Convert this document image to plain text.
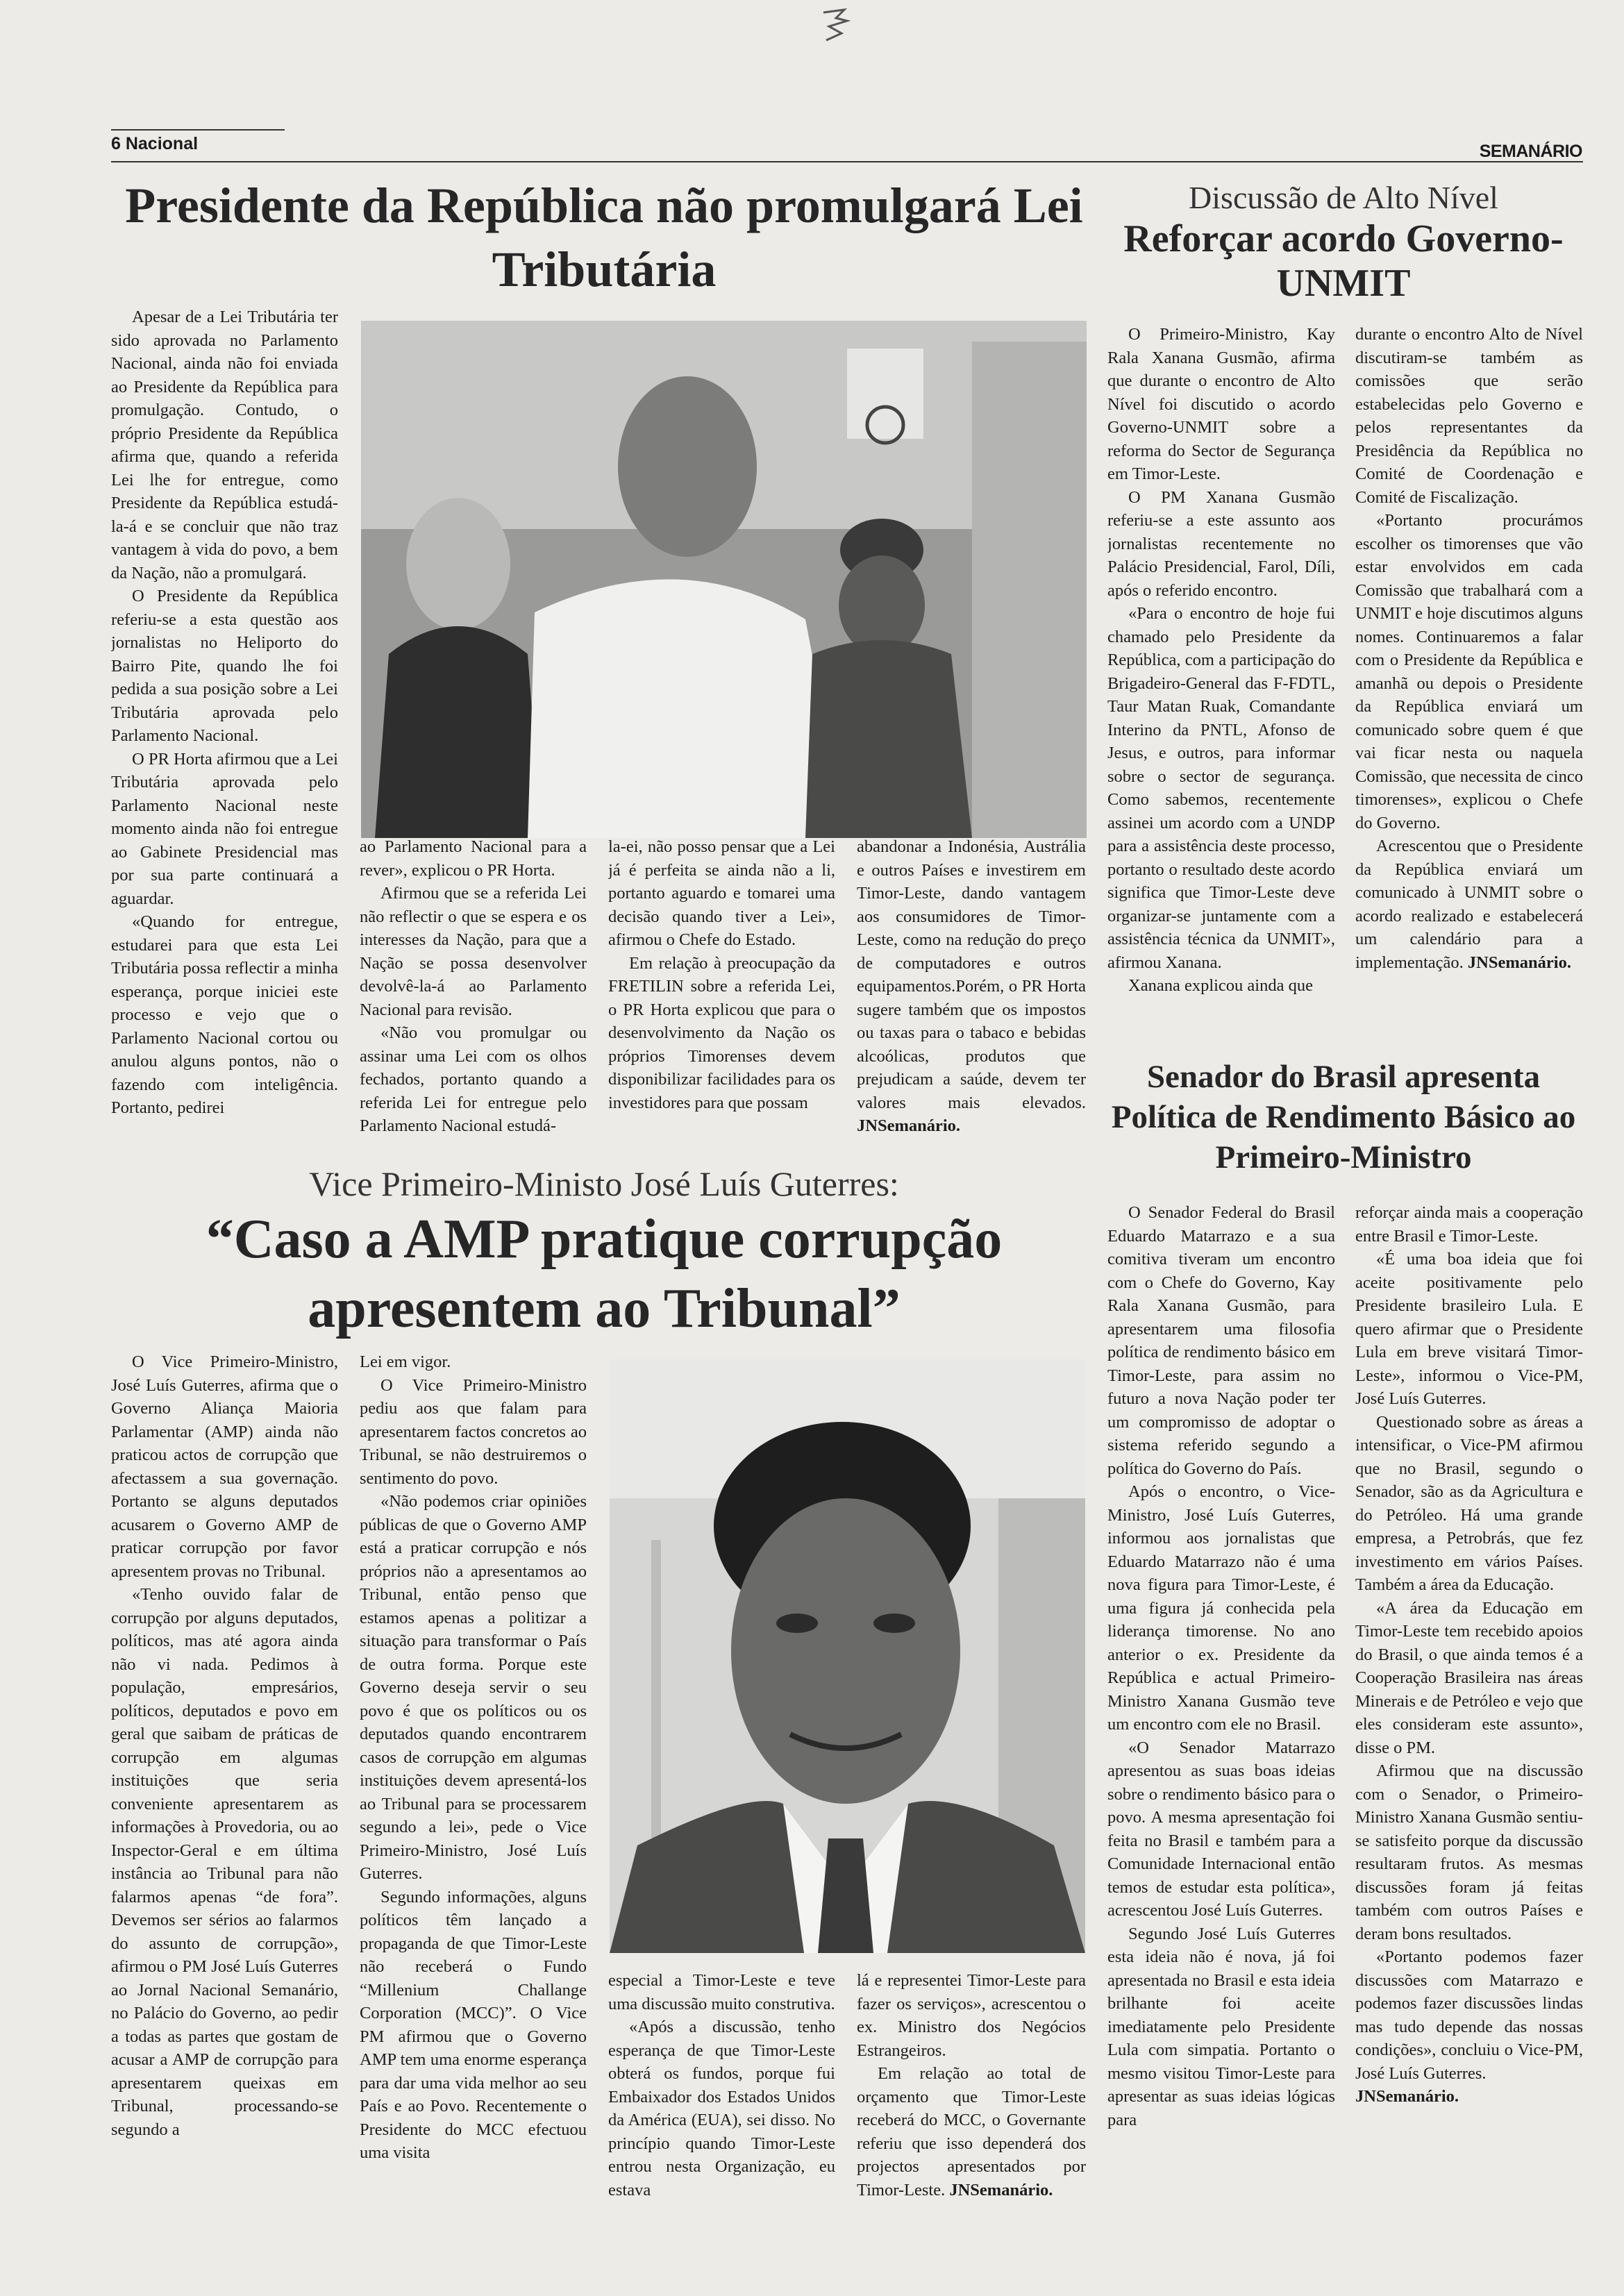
6 Nacional	SEMANÁRIO
Presidente da República não promulgará Lei Tributária

Apesar de a Lei Tributária ter sido aprovada no Parlamento Nacional, ainda não foi enviada ao Presidente da República para promulgação. Contudo, o próprio Presidente da República afirma que, quando a referida Lei lhe for entregue, como Presidente da República estudá-la-á e se concluir que não traz vantagem à vida do povo, a bem da Nação, não a promulgará.

O Presidente da República referiu-se a esta questão aos jornalistas no Heliporto do Bairro Pite, quando lhe foi pedida a sua posição sobre a Lei Tributária aprovada pelo Parlamento Nacional.

O PR Horta afirmou que a Lei Tributária aprovada pelo Parlamento Nacional neste momento ainda não foi entregue ao Gabinete Presidencial mas por sua parte continuará a aguardar.

«Quando for entregue, estudarei para que esta Lei Tributária possa reflectir a minha esperança, porque iniciei este processo e vejo que o Parlamento Nacional cortou ou anulou alguns pontos, não o fazendo com inteligência. Portanto, pedirei

ao Parlamento Nacional para a rever», explicou o PR Horta.

Afirmou que se a referida Lei não reflectir o que se espera e os interesses da Nação, para que a Nação se possa desenvolver devolvê-la-á ao Parlamento Nacional para revisão.

«Não vou promulgar ou assinar uma Lei com os olhos fechados, portanto quando a referida Lei for entregue pelo Parlamento Nacional estudá-

la-ei, não posso pensar que a Lei já é perfeita se ainda não a li, portanto aguardo e tomarei uma decisão quando tiver a Lei», afirmou o Chefe do Estado.

Em relação à preocupação da FRETILIN sobre a referida Lei, o PR Horta explicou que para o desenvolvimento da Nação os próprios Timorenses devem disponibilizar facilidades para os investidores para que possam

abandonar a Indonésia, Austrália e outros Países e investirem em Timor-Leste, dando vantagem aos consumidores de Timor-Leste, como na redução do preço de computadores e outros equipamentos.Porém, o PR Horta sugere também que os impostos ou taxas para o tabaco e bebidas alcoólicas, produtos que prejudicam a saúde, devem ter valores mais elevados. JNSemanário.

Discussão de Alto Nível
Reforçar acordo Governo-UNMIT

O Primeiro-Ministro, Kay Rala Xanana Gusmão, afirma que durante o encontro de Alto Nível foi discutido o acordo Governo-UNMIT sobre a reforma do Sector de Segurança em Timor-Leste.

O PM Xanana Gusmão referiu-se a este assunto aos jornalistas recentemente no Palácio Presidencial, Farol, Díli, após o referido encontro.

«Para o encontro de hoje fui chamado pelo Presidente da República, com a participação do Brigadeiro-General das F-FDTL, Taur Matan Ruak, Comandante Interino da PNTL, Afonso de Jesus, e outros, para informar sobre o sector de segurança. Como sabemos, recentemente assinei um acordo com a UNDP para a assistência deste processo, portanto o resultado deste acordo significa que Timor-Leste deve organizar-se juntamente com a assistência técnica da UNMIT», afirmou Xanana.

Xanana explicou ainda que

durante o encontro Alto de Nível discutiram-se também as comissões que serão estabelecidas pelo Governo e pelos representantes da Presidência da República no Comité de Coordenação e Comité de Fiscalização.

«Portanto procurámos escolher os timorenses que vão estar envolvidos em cada Comissão que trabalhará com a UNMIT e hoje discutimos alguns nomes. Continuaremos a falar com o Presidente da República e amanhã ou depois o Presidente da República enviará um comunicado sobre quem é que vai ficar nesta ou naquela Comissão, que necessita de cinco timorenses», explicou o Chefe do Governo.

Acrescentou que o Presidente da República enviará um comunicado à UNMIT sobre o acordo realizado e estabelecerá um calendário para a implementação. JNSemanário.

Senador do Brasil apresenta Política de Rendimento Básico ao Primeiro-Ministro

O Senador Federal do Brasil Eduardo Matarrazo e a sua comitiva tiveram um encontro com o Chefe do Governo, Kay Rala Xanana Gusmão, para apresentarem uma filosofia política de rendimento básico em Timor-Leste, para assim no futuro a nova Nação poder ter um compromisso de adoptar o sistema referido segundo a política do Governo do País.

Após o encontro, o Vice-Ministro, José Luís Guterres, informou aos jornalistas que Eduardo Matarrazo não é uma nova figura para Timor-Leste, é uma figura já conhecida pela liderança timorense. No ano anterior o ex. Presidente da República e actual Primeiro-Ministro Xanana Gusmão teve um encontro com ele no Brasil.

«O Senador Matarrazo apresentou as suas boas ideias sobre o rendimento básico para o povo. A mesma apresentação foi feita no Brasil e também para a Comunidade Internacional então temos de estudar esta política», acrescentou José Luís Guterres.

Segundo José Luís Guterres esta ideia não é nova, já foi apresentada no Brasil e esta ideia brilhante foi aceite imediatamente pelo Presidente Lula com simpatia. Portanto o mesmo visitou Timor-Leste para apresentar as suas ideias lógicas para

reforçar ainda mais a cooperação entre Brasil e Timor-Leste.

«É uma boa ideia que foi aceite positivamente pelo Presidente brasileiro Lula. E quero afirmar que o Presidente Lula em breve visitará Timor-Leste», informou o Vice-PM, José Luís Guterres.

Questionado sobre as áreas a intensificar, o Vice-PM afirmou que no Brasil, segundo o Senador, são as da Agricultura e do Petróleo. Há uma grande empresa, a Petrobrás, que fez investimento em vários Países. Também a área da Educação.

«A área da Educação em Timor-Leste tem recebido apoios do Brasil, o que ainda temos é a Cooperação Brasileira nas áreas Minerais e de Petróleo e vejo que eles consideram este assunto», disse o PM.

Afirmou que na discussão com o Senador, o Primeiro-Ministro Xanana Gusmão sentiu-se satisfeito porque da discussão resultaram frutos. As mesmas discussões foram já feitas também com outros Países e deram bons resultados.

«Portanto podemos fazer discussões com Matarrazo e podemos fazer discussões lindas mas tudo depende das nossas condições», concluiu o Vice-PM, José Luís Guterres.

JNSemanário.

Vice Primeiro-Ministo José Luís Guterres:
“Caso a AMP pratique corrupção apresentem ao Tribunal”

O Vice Primeiro-Ministro, José Luís Guterres, afirma que o Governo Aliança Maioria Parlamentar (AMP) ainda não praticou actos de corrupção que afectassem a sua governação. Portanto se alguns deputados acusarem o Governo AMP de praticar corrupção por favor apresentem provas no Tribunal.

«Tenho ouvido falar de corrupção por alguns deputados, políticos, mas até agora ainda não vi nada. Pedimos à população, empresários, políticos, deputados e povo em geral que saibam de práticas de corrupção em algumas instituições que seria conveniente apresentarem as informações à Provedoria, ou ao Inspector-Geral e em última instância ao Tribunal para não falarmos apenas “de fora”. Devemos ser sérios ao falarmos do assunto de corrupção», afirmou o PM José Luís Guterres ao Jornal Nacional Semanário, no Palácio do Governo, ao pedir a todas as partes que gostam de acusar a AMP de corrupção para apresentarem queixas em Tribunal, processando-se segundo a

Lei em vigor.

O Vice Primeiro-Ministro pediu aos que falam para apresentarem factos concretos ao Tribunal, se não destruiremos o sentimento do povo.

«Não podemos criar opiniões públicas de que o Governo AMP está a praticar corrupção e nós próprios não a apresentamos ao Tribunal, então penso que estamos apenas a politizar a situação para transformar o País de outra forma. Porque este Governo deseja servir o seu povo é que os políticos ou os deputados quando encontrarem casos de corrupção em algumas instituições devem apresentá-los ao Tribunal para se processarem segundo a lei», pede o Vice Primeiro-Ministro, José Luís Guterres.

Segundo informações, alguns políticos têm lançado a propaganda de que Timor-Leste não receberá o Fundo “Millenium Challange Corporation (MCC)”. O Vice PM afirmou que o Governo AMP tem uma enorme esperança para dar uma vida melhor ao seu País e ao Povo. Recentemente o Presidente do MCC efectuou uma visita

especial a Timor-Leste e teve uma discussão muito construtiva.

«Após a discussão, tenho esperança de que Timor-Leste obterá os fundos, porque fui Embaixador dos Estados Unidos da América (EUA), sei disso. No princípio quando Timor-Leste entrou nesta Organização, eu estava

lá e representei Timor-Leste para fazer os serviços», acrescentou o ex. Ministro dos Negócios Estrangeiros.

Em relação ao total de orçamento que Timor-Leste receberá do MCC, o Governante referiu que isso dependerá dos projectos apresentados por Timor-Leste. JNSemanário.
